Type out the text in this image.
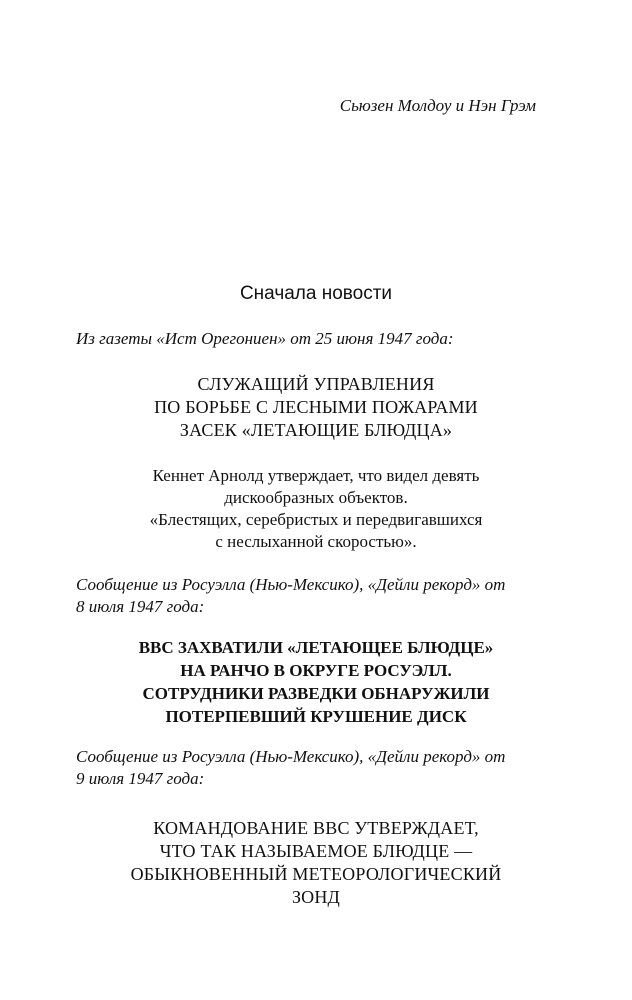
Сьюзен Молдоу и Нэн Грэм
Сначала новости
Из газеты «Ист Орегониен» от 25 июня 1947 года:
СЛУЖАЩИЙ УПРАВЛЕНИЯ
ПО БОРЬБЕ С ЛЕСНЫМИ ПОЖАРАМИ
ЗАСЕК «ЛЕТАЮЩИЕ БЛЮДЦА»
Кеннет Арнолд утверждает, что видел девять
дискообразных объектов.
«Блестящих, серебристых и передвигавшихся
с неслыханной скоростью».
Сообщение из Росуэлла (Нью-Мексико), «Дейли рекорд» от
8 июля 1947 года:
ВВС ЗАХВАТИЛИ «ЛЕТАЮЩЕЕ БЛЮДЦЕ»
НА РАНЧО В ОКРУГЕ РОСУЭЛЛ.
СОТРУДНИКИ РАЗВЕДКИ ОБНАРУЖИЛИ
ПОТЕРПЕВШИЙ КРУШЕНИЕ ДИСК
Сообщение из Росуэлла (Нью-Мексико), «Дейли рекорд» от
9 июля 1947 года:
КОМАНДОВАНИЕ ВВС УТВЕРЖДАЕТ,
ЧТО ТАК НАЗЫВАЕМОЕ БЛЮДЦЕ —
ОБЫКНОВЕННЫЙ МЕТЕОРОЛОГИЧЕСКИЙ
ЗОНД
